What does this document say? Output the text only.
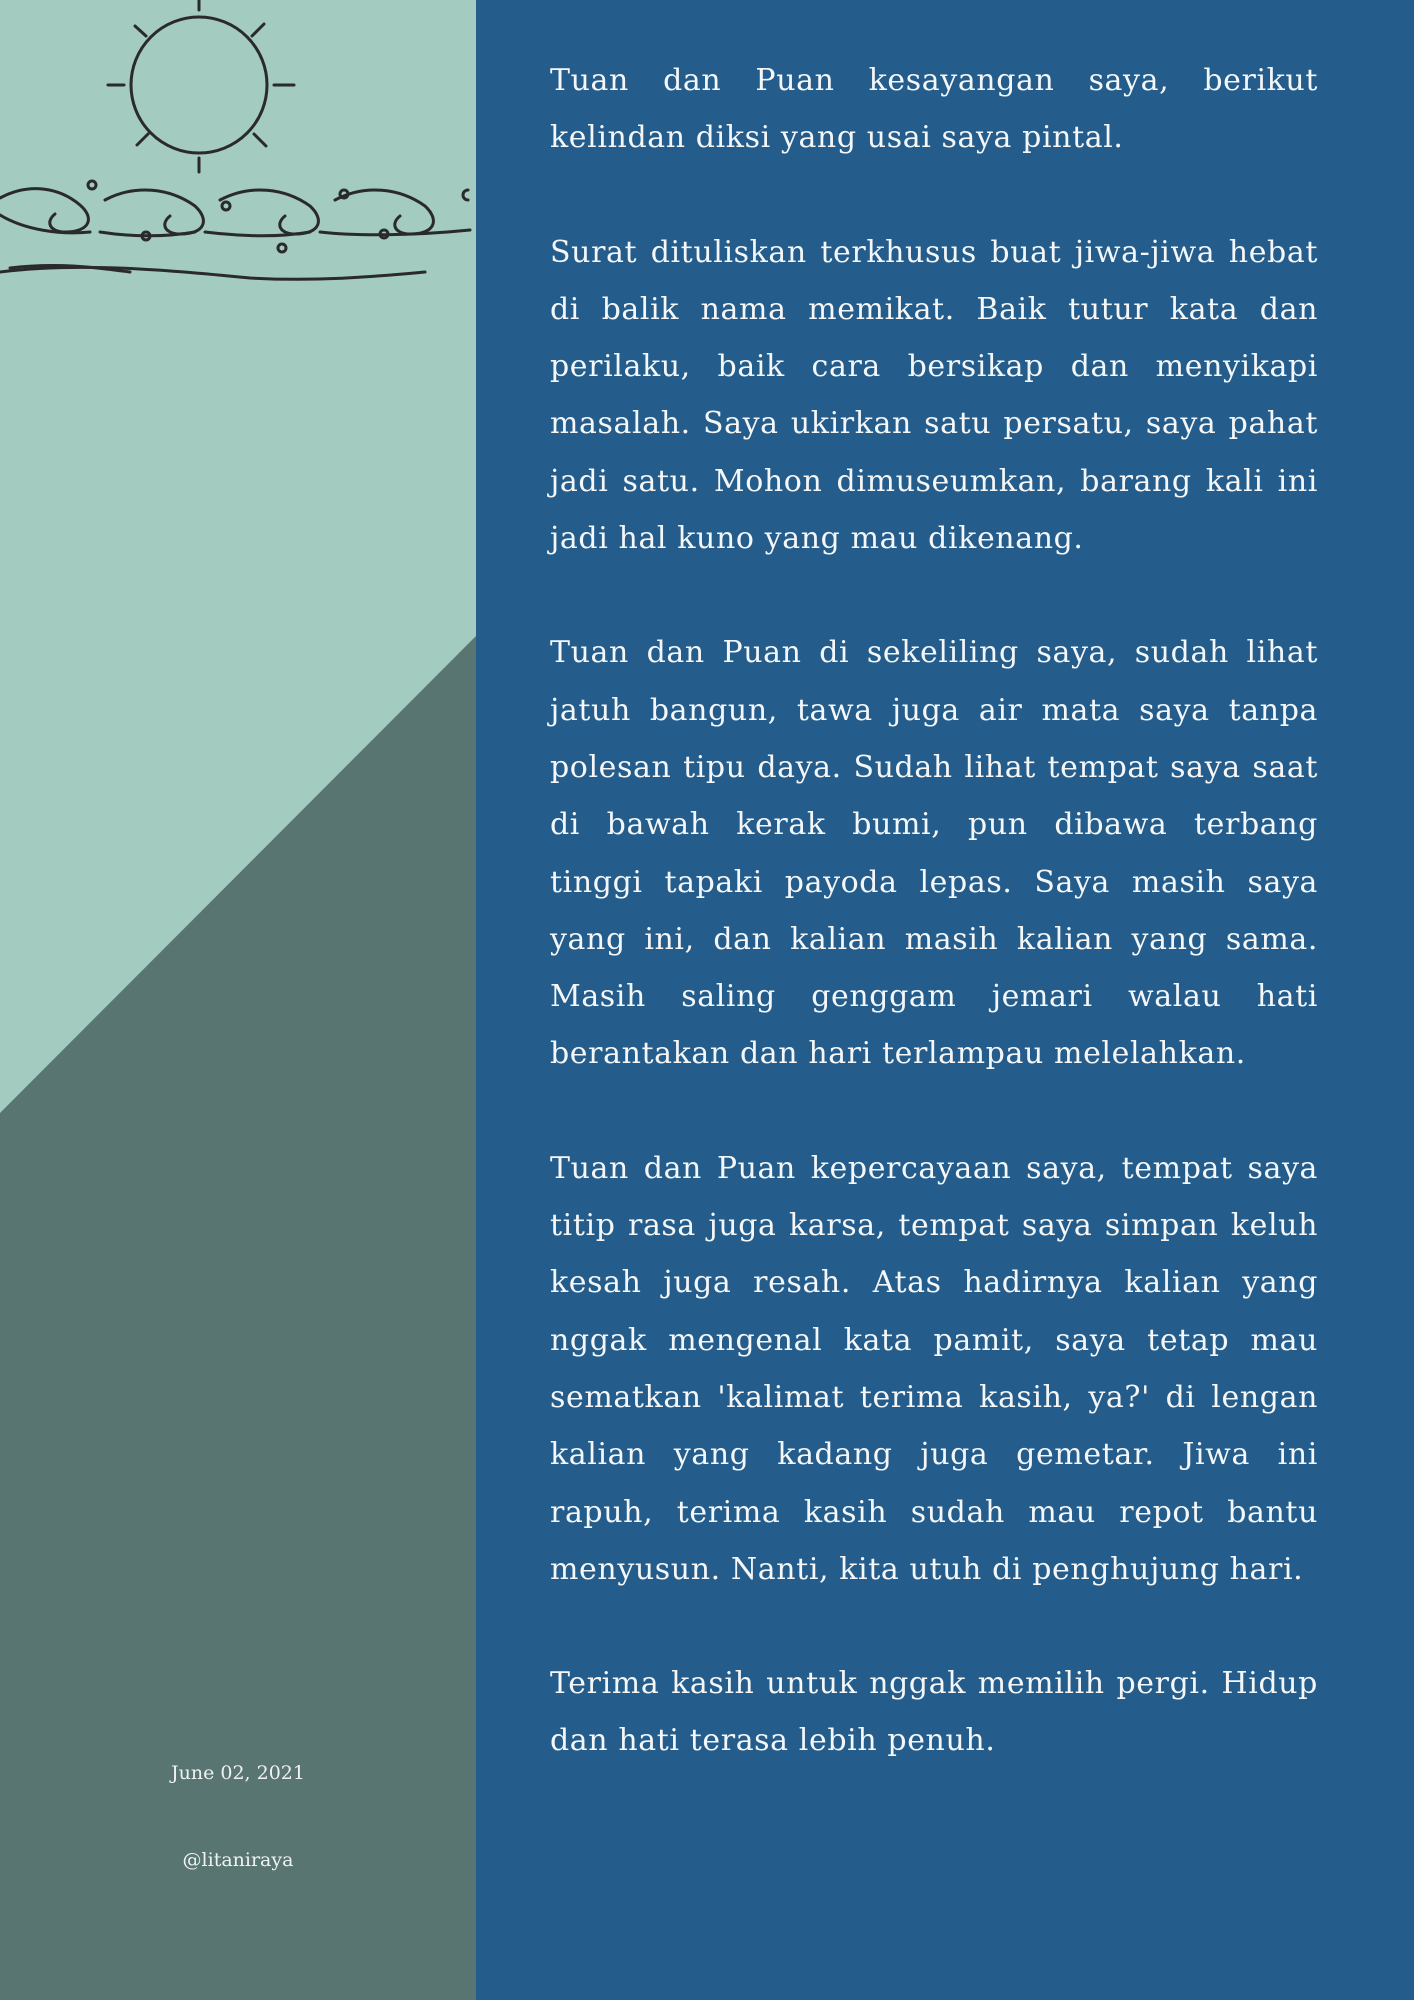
June 02, 2021
@litaniraya

Tuan dan Puan kesayangan saya, berikut kelindan diksi yang usai saya pintal.

Surat dituliskan terkhusus buat jiwa-jiwa hebat di balik nama memikat. Baik tutur kata dan perilaku, baik cara bersikap dan menyikapi masalah. Saya ukirkan satu persatu, saya pahat jadi satu. Mohon dimuseumkan, barang kali ini jadi hal kuno yang mau dikenang.

Tuan dan Puan di sekeliling saya, sudah lihat jatuh bangun, tawa juga air mata saya tanpa polesan tipu daya. Sudah lihat tempat saya saat di bawah kerak bumi, pun dibawa terbang tinggi tapaki payoda lepas. Saya masih saya yang ini, dan kalian masih kalian yang sama. Masih saling genggam jemari walau hati berantakan dan hari terlampau melelahkan.

Tuan dan Puan kepercayaan saya, tempat saya titip rasa juga karsa, tempat saya simpan keluh kesah juga resah. Atas hadirnya kalian yang nggak mengenal kata pamit, saya tetap mau sematkan 'kalimat terima kasih, ya?' di lengan kalian yang kadang juga gemetar. Jiwa ini rapuh, terima kasih sudah mau repot bantu menyusun. Nanti, kita utuh di penghujung hari.

Terima kasih untuk nggak memilih pergi. Hidup dan hati terasa lebih penuh.
